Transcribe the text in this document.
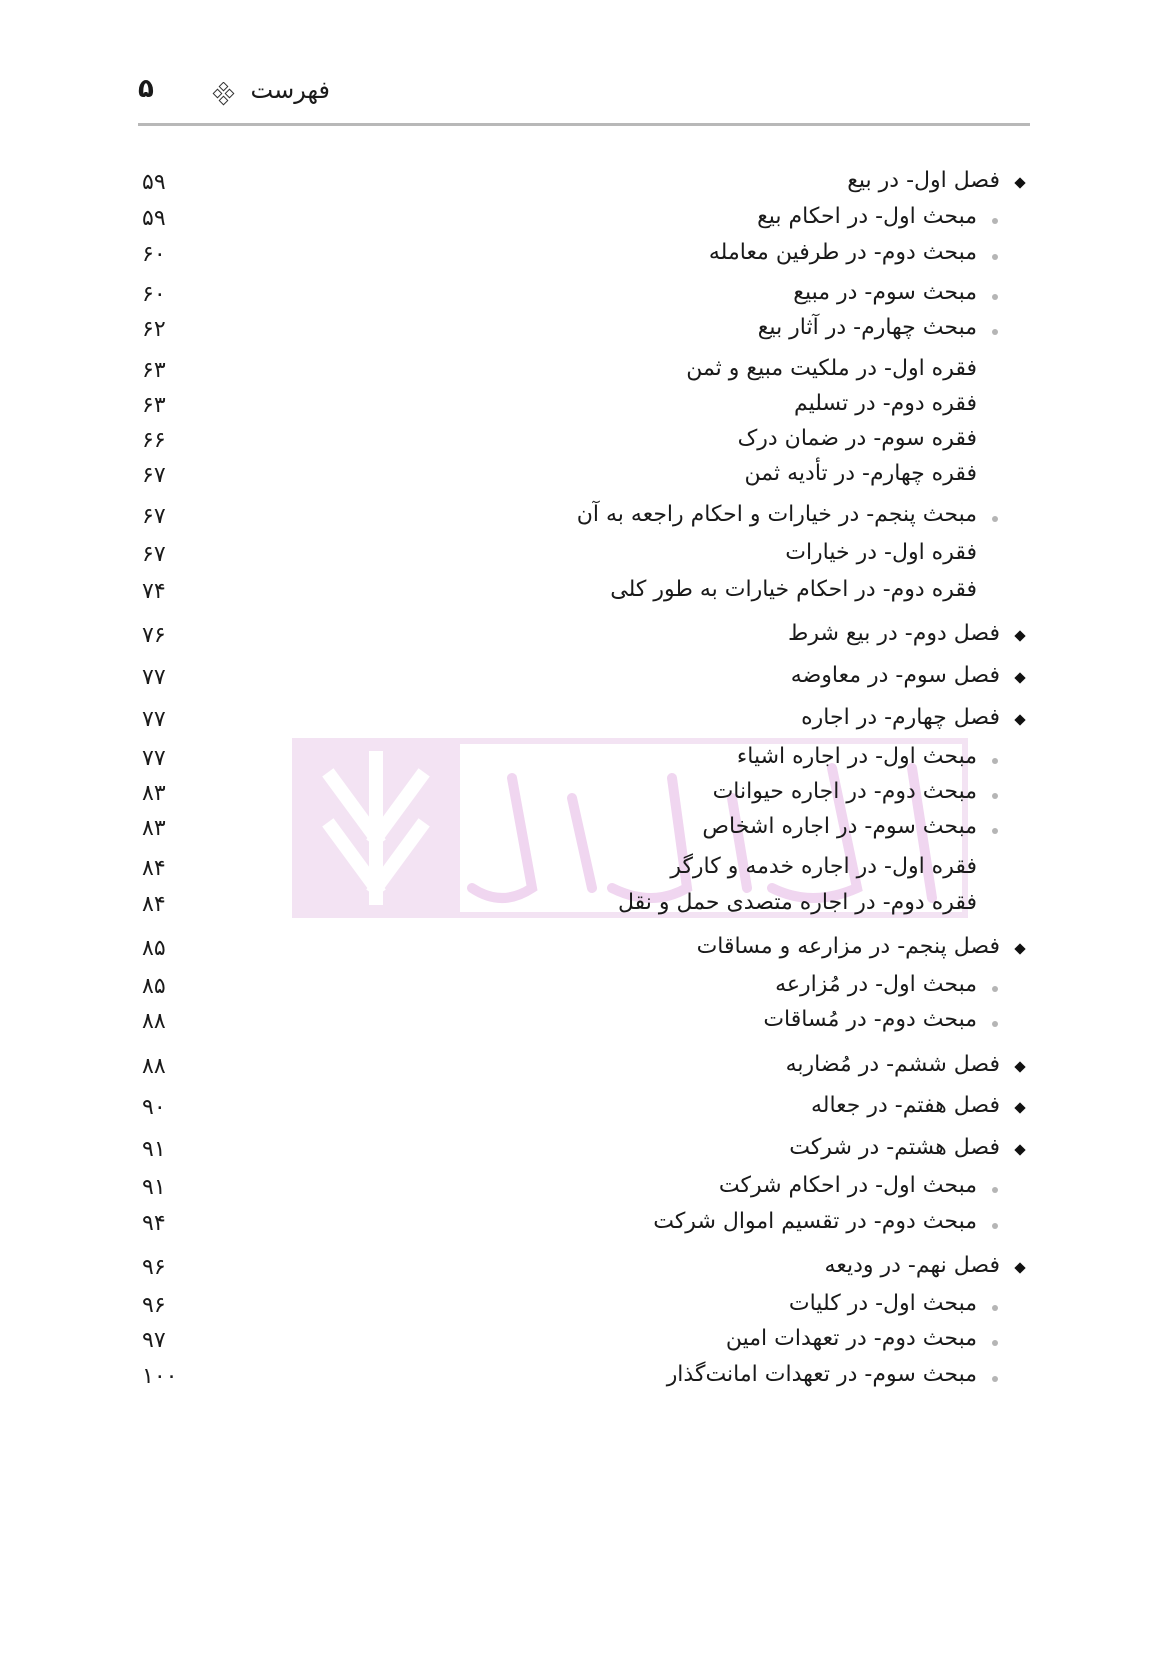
فهرست
۵
فصل اول- در بیع
۵۹
مبحث اول- در احکام بیع
۵۹
مبحث دوم- در طرفین معامله
۶۰
مبحث سوم- در مبیع
۶۰
مبحث چهارم- در آثار بیع
۶۲
فقره اول- در ملکیت مبیع و ثمن
۶۳
فقره دوم- در تسلیم
۶۳
فقره سوم- در ضمان درک
۶۶
فقره چهارم- در تأدیه ثمن
۶۷
مبحث پنجم- در خیارات و احکام راجعه به آن
۶۷
فقره اول- در خیارات
۶۷
فقره دوم- در احکام خیارات به طور کلی
۷۴
فصل دوم- در بیع شرط
۷۶
فصل سوم- در معاوضه
۷۷
فصل چهارم- در اجاره
۷۷
مبحث اول- در اجاره اشیاء
۷۷
مبحث دوم- در اجاره حیوانات
۸۳
مبحث سوم- در اجاره اشخاص
۸۳
فقره اول- در اجاره خدمه و کارگر
۸۴
فقره دوم- در اجاره متصدی حمل و نقل
۸۴
فصل پنجم- در مزارعه و مساقات
۸۵
مبحث اول- در مُزارعه
۸۵
مبحث دوم- در مُساقات
۸۸
فصل ششم- در مُضاربه
۸۸
فصل هفتم- در جعاله
۹۰
فصل هشتم- در شرکت
۹۱
مبحث اول- در احکام شرکت
۹۱
مبحث دوم- در تقسیم اموال شرکت
۹۴
فصل نهم- در ودیعه
۹۶
مبحث اول- در کلیات
۹۶
مبحث دوم- در تعهدات امین
۹۷
مبحث سوم- در تعهدات امانت‌گذار
۱۰۰
